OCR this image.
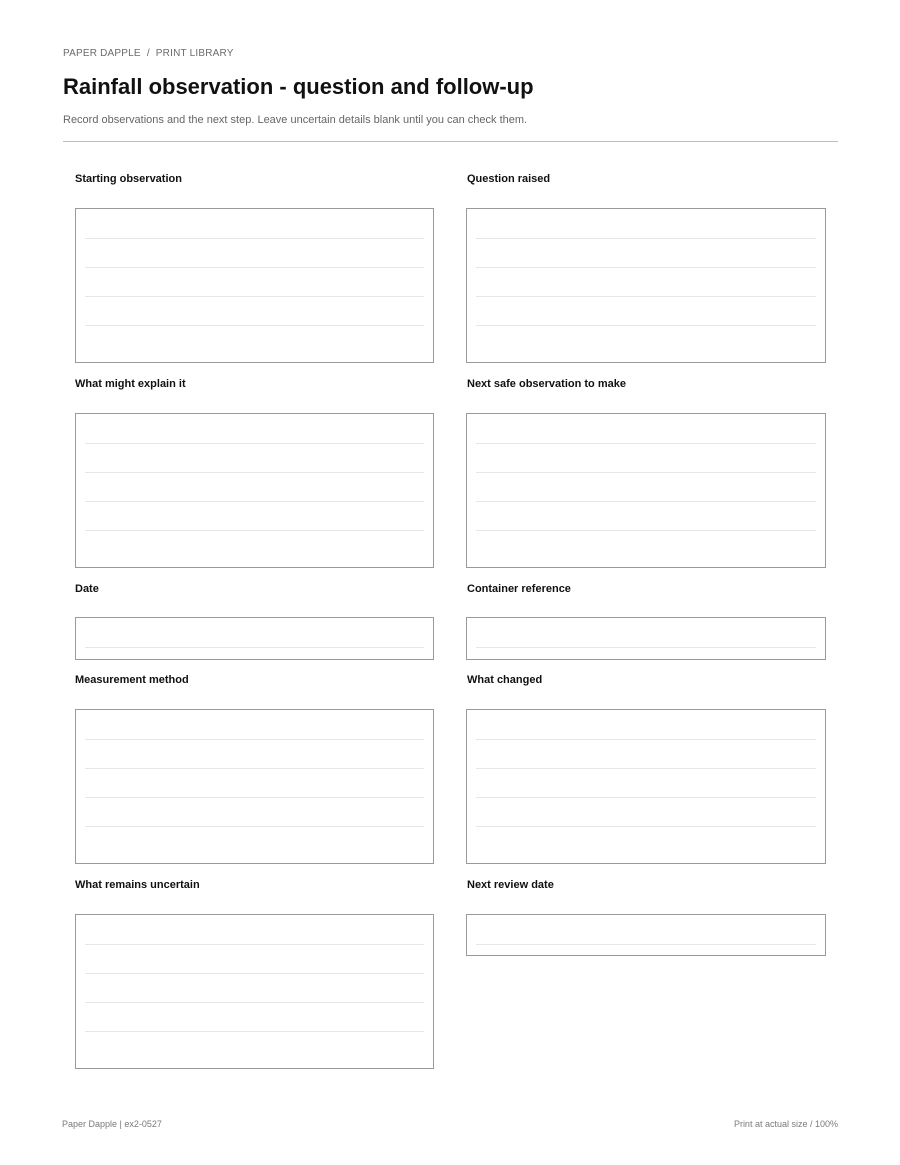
PAPER DAPPLE / PRINT LIBRARY
Rainfall observation - question and follow-up

Record observations and the next step. Leave uncertain details blank until you can check them.

Starting observation	Question raised
What might explain it	Next safe observation to make
Date	Container reference
Measurement method	What changed
What remains uncertain	Next review date
Paper Dapple | ex2-0527	Print at actual size / 100%
